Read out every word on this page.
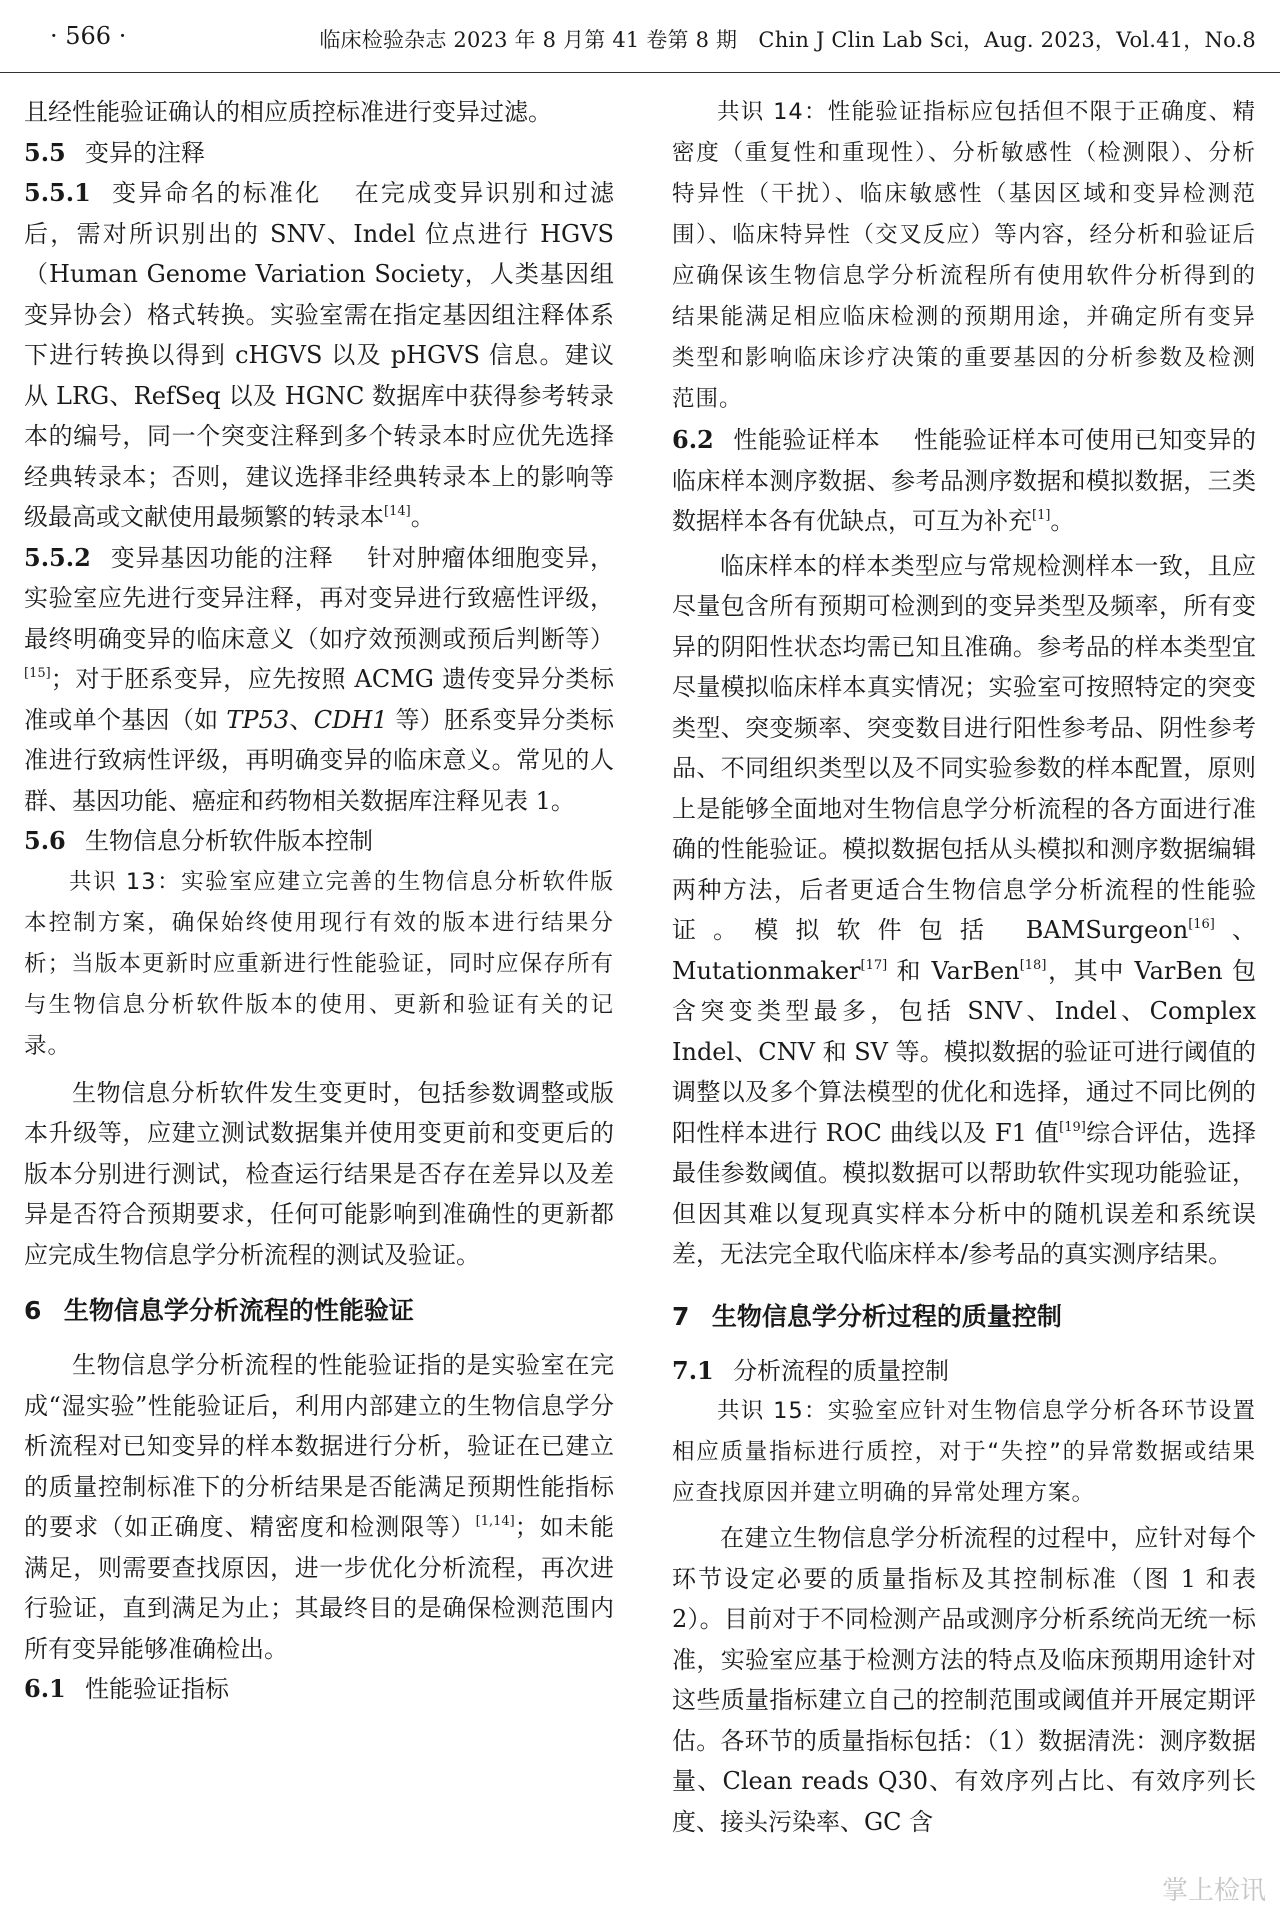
· 566 ·	临床检验杂志 2023 年 8 月第 41 卷第 8 期　Chin J Clin Lab Sci，Aug. 2023，Vol.41，No.8

且经性能验证确认的相应质控标准进行变异过滤。

5.5 变异的注释

5.5.1 变异命名的标准化 在完成变异识别和过滤后，需对所识别出的 SNV、Indel 位点进行 HGVS（Human Genome Variation Society，人类基因组变异协会）格式转换。实验室需在指定基因组注释体系下进行转换以得到 cHGVS 以及 pHGVS 信息。建议从 LRG、RefSeq 以及 HGNC 数据库中获得参考转录本的编号，同一个突变注释到多个转录本时应优先选择经典转录本；否则，建议选择非经典转录本上的影响等级最高或文献使用最频繁的转录本[14]。

5.5.2 变异基因功能的注释 针对肿瘤体细胞变异，实验室应先进行变异注释，再对变异进行致癌性评级，最终明确变异的临床意义（如疗效预测或预后判断等）[15]；对于胚系变异，应先按照 ACMG 遗传变异分类标准或单个基因（如 TP53、CDH1 等）胚系变异分类标准进行致病性评级，再明确变异的临床意义。常见的人群、基因功能、癌症和药物相关数据库注释见表 1。

5.6 生物信息分析软件版本控制

共识 13：实验室应建立完善的生物信息分析软件版本控制方案，确保始终使用现行有效的版本进行结果分析；当版本更新时应重新进行性能验证，同时应保存所有与生物信息分析软件版本的使用、更新和验证有关的记录。

生物信息分析软件发生变更时，包括参数调整或版本升级等，应建立测试数据集并使用变更前和变更后的版本分别进行测试，检查运行结果是否存在差异以及差异是否符合预期要求，任何可能影响到准确性的更新都应完成生物信息学分析流程的测试及验证。

6 生物信息学分析流程的性能验证

生物信息学分析流程的性能验证指的是实验室在完成“湿实验”性能验证后，利用内部建立的生物信息学分析流程对已知变异的样本数据进行分析，验证在已建立的质量控制标准下的分析结果是否能满足预期性能指标的要求（如正确度、精密度和检测限等）[1,14]；如未能满足，则需要查找原因，进一步优化分析流程，再次进行验证，直到满足为止；其最终目的是确保检测范围内所有变异能够准确检出。

6.1 性能验证指标

共识 14：性能验证指标应包括但不限于正确度、精密度（重复性和重现性）、分析敏感性（检测限）、分析特异性（干扰）、临床敏感性（基因区域和变异检测范围）、临床特异性（交叉反应）等内容，经分析和验证后应确保该生物信息学分析流程所有使用软件分析得到的结果能满足相应临床检测的预期用途，并确定所有变异类型和影响临床诊疗决策的重要基因的分析参数及检测范围。

6.2 性能验证样本 性能验证样本可使用已知变异的临床样本测序数据、参考品测序数据和模拟数据，三类数据样本各有优缺点，可互为补充[1]。

临床样本的样本类型应与常规检测样本一致，且应尽量包含所有预期可检测到的变异类型及频率，所有变异的阴阳性状态均需已知且准确。参考品的样本类型宜尽量模拟临床样本真实情况；实验室可按照特定的突变类型、突变频率、突变数目进行阳性参考品、阴性参考品、不同组织类型以及不同实验参数的样本配置，原则上是能够全面地对生物信息学分析流程的各方面进行准确的性能验证。模拟数据包括从头模拟和测序数据编辑两种方法，后者更适合生物信息学分析流程的性能验证。模拟软件包括 BAMSurgeon[16]、Mutationmaker[17] 和 VarBen[18]，其中 VarBen 包含突变类型最多，包括 SNV、Indel、Complex Indel、CNV 和 SV 等。模拟数据的验证可进行阈值的调整以及多个算法模型的优化和选择，通过不同比例的阳性样本进行 ROC 曲线以及 F1 值[19]综合评估，选择最佳参数阈值。模拟数据可以帮助软件实现功能验证，但因其难以复现真实样本分析中的随机误差和系统误差，无法完全取代临床样本/参考品的真实测序结果。

7 生物信息学分析过程的质量控制
7.1 分析流程的质量控制

共识 15：实验室应针对生物信息学分析各环节设置相应质量指标进行质控，对于“失控”的异常数据或结果应查找原因并建立明确的异常处理方案。

在建立生物信息学分析流程的过程中，应针对每个环节设定必要的质量指标及其控制标准（图 1 和表 2）。目前对于不同检测产品或测序分析系统尚无统一标准，实验室应基于检测方法的特点及临床预期用途针对这些质量指标建立自己的控制范围或阈值并开展定期评估。各环节的质量指标包括：（1）数据清洗：测序数据量、Clean reads Q30、有效序列占比、有效序列长度、接头污染率、GC 含

掌上检讯
